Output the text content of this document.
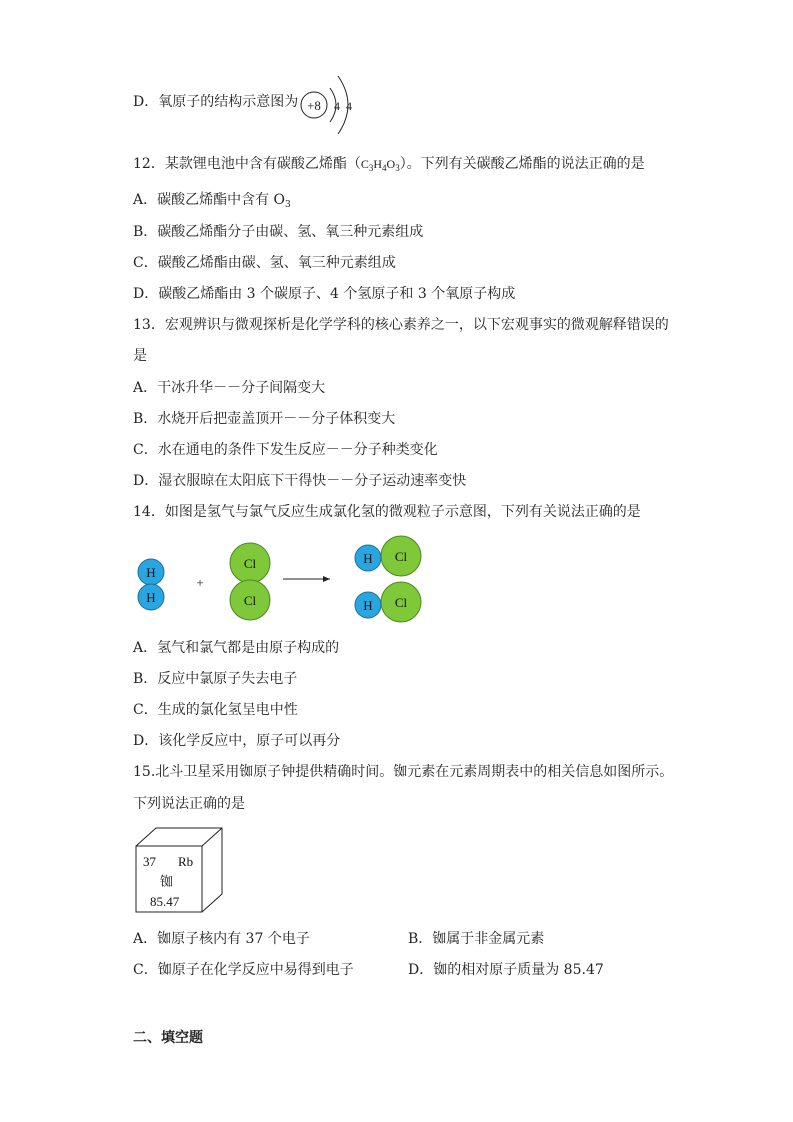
D．氧原子的结构示意图为 +8 4 4
12．某款锂电池中含有碳酸乙烯酯$(C_3H_4O_3)$。下列有关碳酸乙烯酯的说法正确的是
A．碳酸乙烯酯中含有 $O_3$
B．碳酸乙烯酯分子由碳、氢、氧三种元素组成
C．碳酸乙烯酯由碳、氢、氧三种元素组成
D．碳酸乙烯酯由 3 个碳原子、4 个氢原子和 3 个氧原子构成
13．宏观辨识与微观探析是化学学科的核心素养之一，以下宏观事实的微观解释错误的
是
A．干冰升华－－分子间隔变大
B．水烧开后把壶盖顶开－－分子体积变大
C．水在通电的条件下发生反应－－分子种类变化
D．湿衣服晾在太阳底下干得快－－分子运动速率变快
14．如图是氢气与氯气反应生成氯化氢的微观粒子示意图，下列有关说法正确的是
H
H
+
Cl
Cl
H Cl
H Cl
A．氢气和氯气都是由原子构成的
B．反应中氯原子失去电子
C．生成的氯化氢呈电中性
D．该化学反应中，原子可以再分
15.北斗卫星采用铷原子钟提供精确时间。铷元素在元素周期表中的相关信息如图所示。
下列说法正确的是
37 Rb
铷
85.47
A．铷原子核内有 37 个电子	B．铷属于非金属元素
C．铷原子在化学反应中易得到电子	D．铷的相对原子质量为 85.47
二、填空题
